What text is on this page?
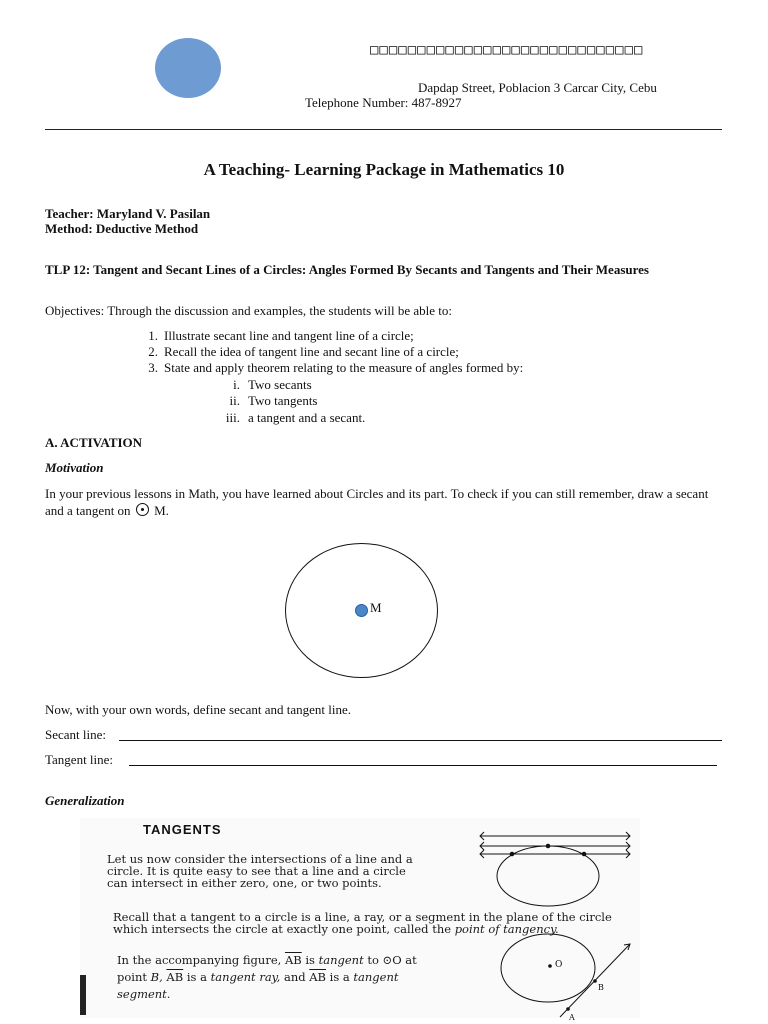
□□□□□□□□□□□□□□□□□□□□□□□□□□□□□
Dapdap Street, Poblacion 3 Carcar City, Cebu
Telephone Number: 487-8927
A Teaching- Learning Package in Mathematics 10
Teacher: Maryland V. Pasilan
Method: Deductive Method
TLP 12: Tangent and Secant Lines of a Circles: Angles Formed By Secants and Tangents and Their Measures
Objectives: Through the discussion and examples, the students will be able to:
1. Illustrate secant line and tangent line of a circle;
2. Recall the idea of tangent line and secant line of a circle;
3. State and apply theorem relating to the measure of angles formed by:
i. Two secants
ii. Two tangents
iii. a tangent and a secant.
A. ACTIVATION
Motivation
In your previous lessons in Math, you have learned about Circles and its part. To check if you can still remember, draw a secant and a tangent on M.
M
Now, with your own words, define secant and tangent line.
Secant line:
Tangent line:
Generalization
TANGENTS
Let us now consider the intersections of a line and a circle. It is quite easy to see that a line and a circle can intersect in either zero, one, or two points.
Recall that a tangent to a circle is a line, a ray, or a segment in the plane of the circle which intersects the circle at exactly one point, called the point of tangency.
In the accompanying figure, $\overline{AB}$ is tangent to ⊙O at point B, $\overline{AB}$ is a tangent ray, and $\overline{AB}$ is a tangent segment.
O
B
A
